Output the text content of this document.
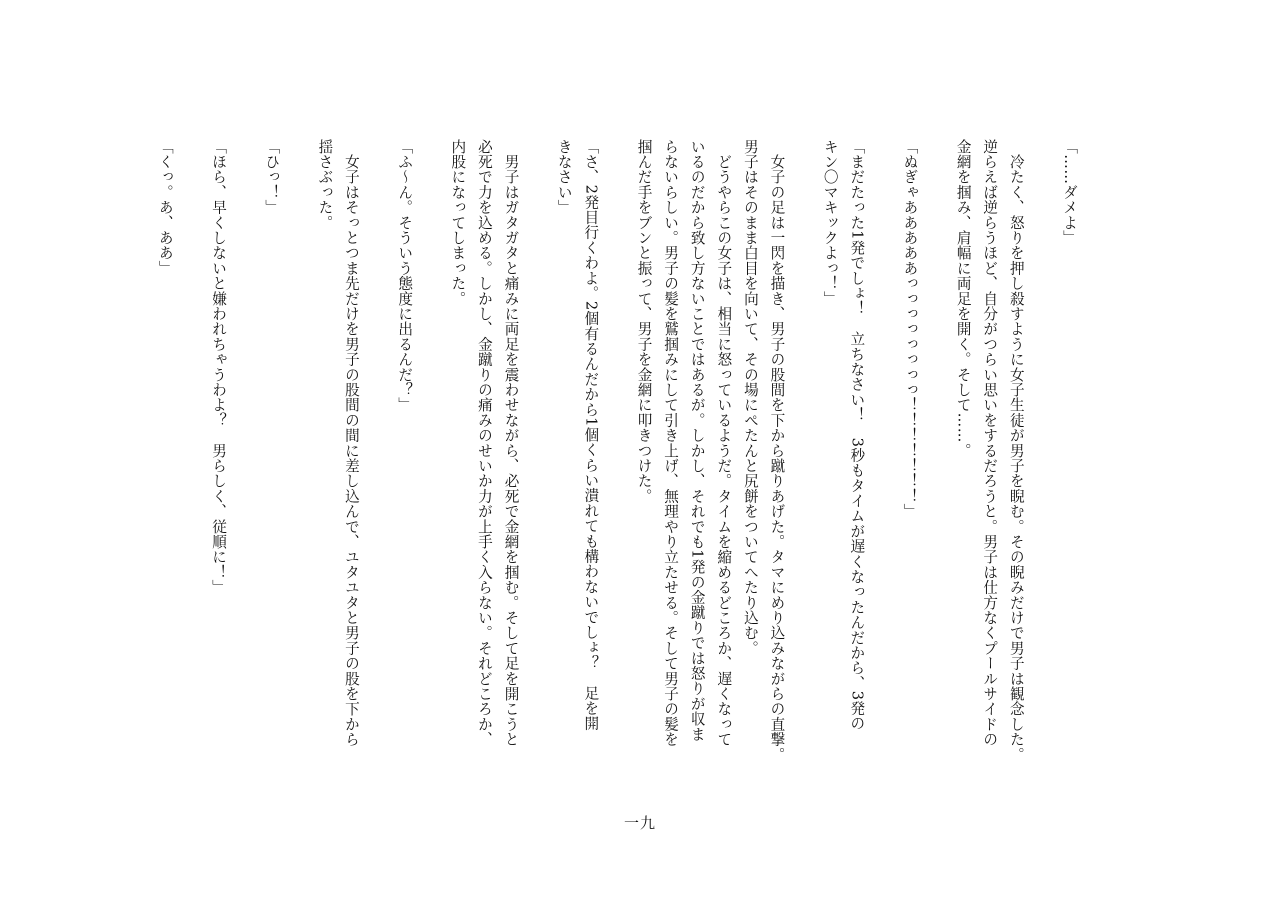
「……ダメよ」
　冷たく、怒りを押し殺すように女子生徒が男子を睨む。その睨みだけで男子は観念した。
逆らえば逆らうほど、自分がつらい思いをするだろうと。男子は仕方なくプールサイドの
金網を掴み、肩幅に両足を開く。そして……。
「ぬぎゃあああああっっっっっっっっ！！！！！！！」
「まだたった1発でしょ！　立ちなさい！　3秒もタイムが遅くなったんだから、3発の
キン〇マキックよっ！」
　女子の足は一閃を描き、男子の股間を下から蹴りあげた。タマにめり込みながらの直撃。
男子はそのまま白目を向いて、その場にぺたんと尻餅をついてへたり込む。
　どうやらこの女子は、相当に怒っているようだ。タイムを縮めるどころか、遅くなって
いるのだから致し方ないことではあるが。しかし、それでも1発の金蹴りでは怒りが収ま
らないらしい。男子の髪を鷲掴みにして引き上げ、無理やり立たせる。そして男子の髪を
掴んだ手をブンと振って、男子を金網に叩きつけた。
「さ、2発目行くわよ。2個有るんだから1個くらい潰れても構わないでしょ？　足を開
きなさい」
　男子はガタガタと痛みに両足を震わせながら、必死で金網を掴む。そして足を開こうと
必死で力を込める。しかし、金蹴りの痛みのせいか力が上手く入らない。それどころか、
内股になってしまった。
「ふ～ん。そういう態度に出るんだ？」
　女子はそっとつま先だけを男子の股間の間に差し込んで、ユタユタと男子の股を下から
揺さぶった。
「ひっ！」
「ほら、早くしないと嫌われちゃうわよ？　男らしく、従順に！」
「くっ。あ、ああ」
一九
